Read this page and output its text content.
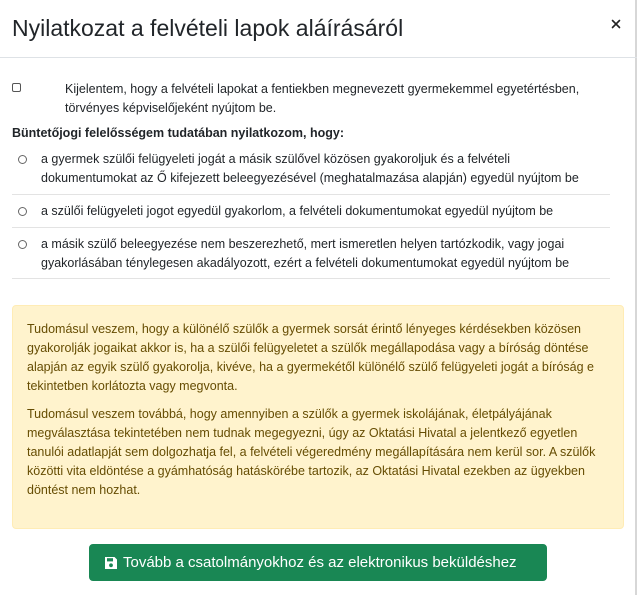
Nyilatkozat a felvételi lapok aláírásáról
Kijelentem, hogy a felvételi lapokat a fentiekben megnevezett gyermekemmel egyetértésben,
törvényes képviselőjeként nyújtom be.
Büntetőjogi felelősségem tudatában nyilatkozom, hogy:
a gyermek szülői felügyeleti jogát a másik szülővel közösen gyakoroljuk és a felvételi
dokumentumokat az Ő kifejezett beleegyezésével (meghatalmazása alapján) egyedül nyújtom be
a szülői felügyeleti jogot egyedül gyakorlom, a felvételi dokumentumokat egyedül nyújtom be
a másik szülő beleegyezése nem beszerezhető, mert ismeretlen helyen tartózkodik, vagy jogai
gyakorlásában ténylegesen akadályozott, ezért a felvételi dokumentumokat egyedül nyújtom be

Tudomásul veszem, hogy a különélő szülők a gyermek sorsát érintő lényeges kérdésekben közösen
gyakorolják jogaikat akkor is, ha a szülői felügyeletet a szülők megállapodása vagy a bíróság döntése
alapján az egyik szülő gyakorolja, kivéve, ha a gyermekétől különélő szülő felügyeleti jogát a bíróság e
tekintetben korlátozta vagy megvonta.

Tudomásul veszem továbbá, hogy amennyiben a szülők a gyermek iskolájának, életpályájának
megválasztása tekintetében nem tudnak megegyezni, úgy az Oktatási Hivatal a jelentkező egyetlen
tanulói adatlapját sem dolgozhatja fel, a felvételi végeredmény megállapítására nem kerül sor. A szülők
közötti vita eldöntése a gyámhatóság hatáskörébe tartozik, az Oktatási Hivatal ezekben az ügyekben
döntést nem hozhat.

Tovább a csatolmányokhoz és az elektronikus beküldéshez
